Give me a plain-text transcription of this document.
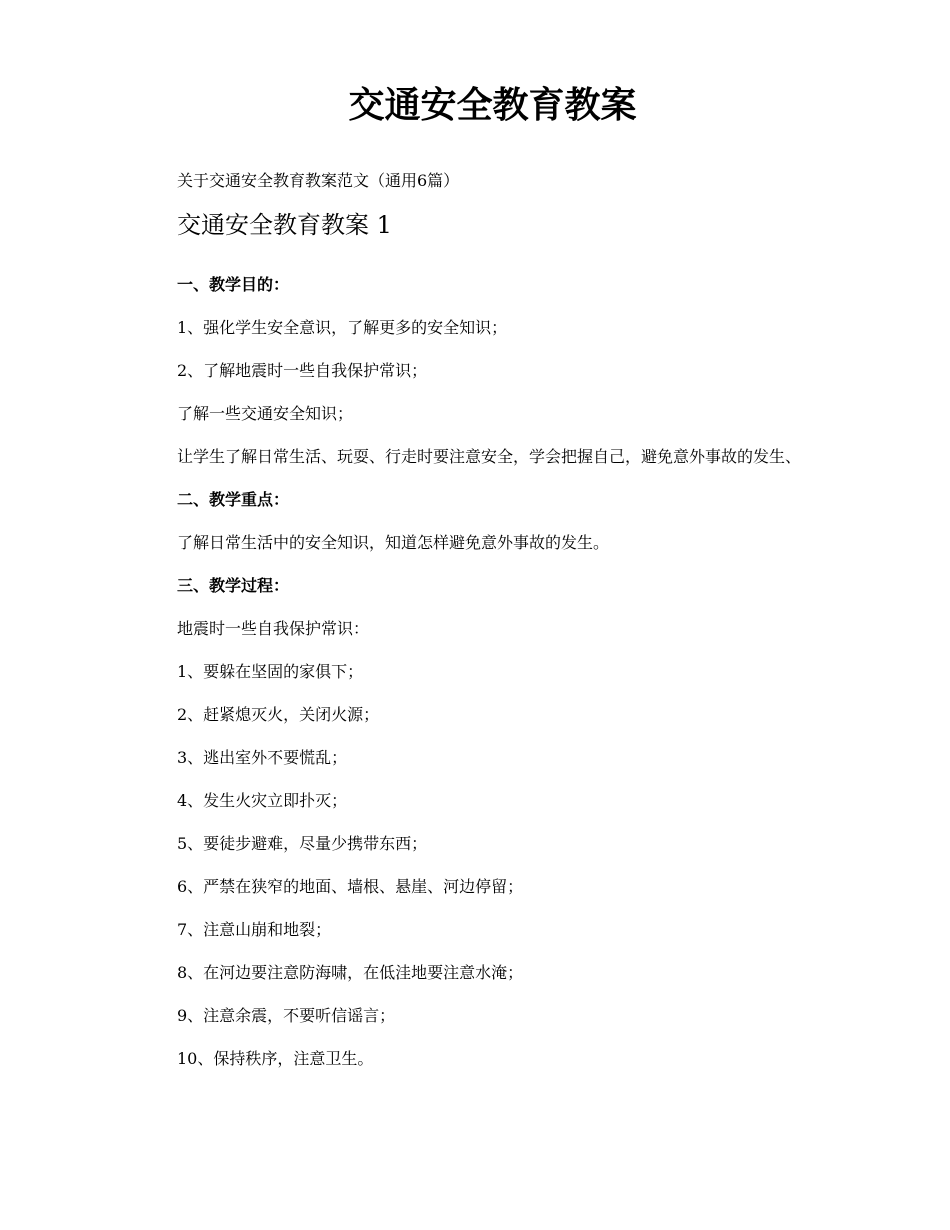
交通安全教育教案

关于交通安全教育教案范文（通用6篇）

交通安全教育教案 1
一、教学目的：

1、强化学生安全意识，了解更多的安全知识；

2、了解地震时一些自我保护常识；

了解一些交通安全知识；

让学生了解日常生活、玩耍、行走时要注意安全，学会把握自己，避免意外事故的发生、

二、教学重点：

了解日常生活中的安全知识，知道怎样避免意外事故的发生。

三、教学过程：

地震时一些自我保护常识：

1、要躲在坚固的家俱下；

2、赶紧熄灭火，关闭火源；

3、逃出室外不要慌乱；

4、发生火灾立即扑灭；

5、要徒步避难，尽量少携带东西；

6、严禁在狭窄的地面、墙根、悬崖、河边停留；

7、注意山崩和地裂；

8、在河边要注意防海啸，在低洼地要注意水淹；

9、注意余震，不要听信谣言；

10、保持秩序，注意卫生。
